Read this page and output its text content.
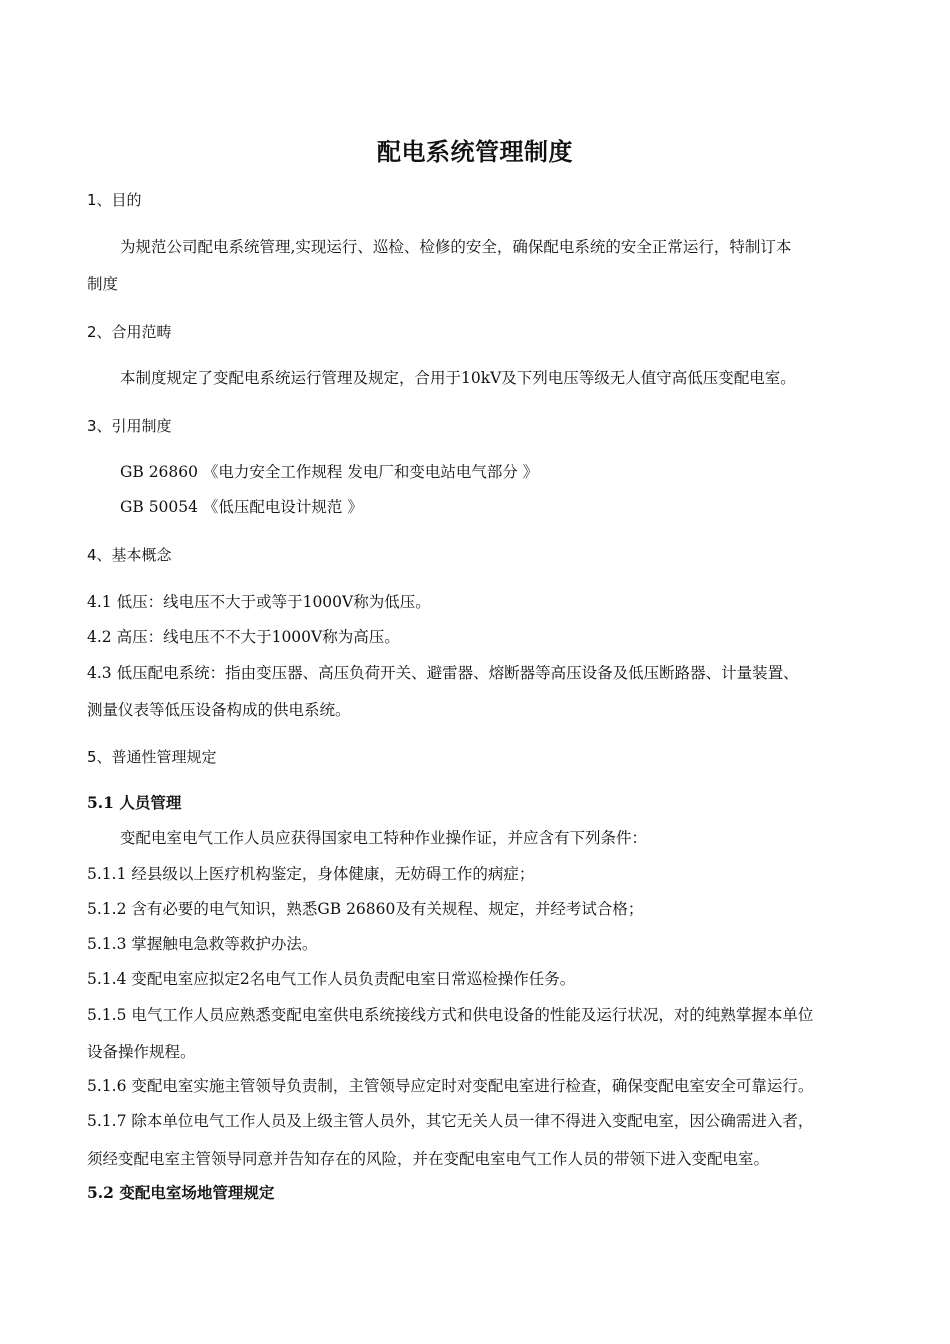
配电系统管理制度
1、目的
为规范公司配电系统管理,实现运行、巡检、检修的安全，确保配电系统的安全正常运行，特制订本
制度
2、合用范畴
本制度规定了变配电系统运行管理及规定，合用于10kV及下列电压等级无人值守高低压变配电室。
3、引用制度
GB 26860 《电力安全工作规程 发电厂和变电站电气部分 》
GB 50054 《低压配电设计规范 》
4、基本概念
4.1 低压：线电压不大于或等于1000V称为低压。
4.2 高压：线电压不不大于1000V称为高压。
4.3 低压配电系统：指由变压器、高压负荷开关、避雷器、熔断器等高压设备及低压断路器、计量装置、
测量仪表等低压设备构成的供电系统。
5、普通性管理规定
5.1 人员管理
变配电室电气工作人员应获得国家电工特种作业操作证，并应含有下列条件：
5.1.1 经县级以上医疗机构鉴定，身体健康，无妨碍工作的病症；
5.1.2 含有必要的电气知识，熟悉GB 26860及有关规程、规定，并经考试合格；
5.1.3 掌握触电急救等救护办法。
5.1.4 变配电室应拟定2名电气工作人员负责配电室日常巡检操作任务。
5.1.5 电气工作人员应熟悉变配电室供电系统接线方式和供电设备的性能及运行状况，对的纯熟掌握本单位
设备操作规程。
5.1.6 变配电室实施主管领导负责制，主管领导应定时对变配电室进行检查，确保变配电室安全可靠运行。
5.1.7 除本单位电气工作人员及上级主管人员外，其它无关人员一律不得进入变配电室，因公确需进入者，
须经变配电室主管领导同意并告知存在的风险，并在变配电室电气工作人员的带领下进入变配电室。
5.2 变配电室场地管理规定
